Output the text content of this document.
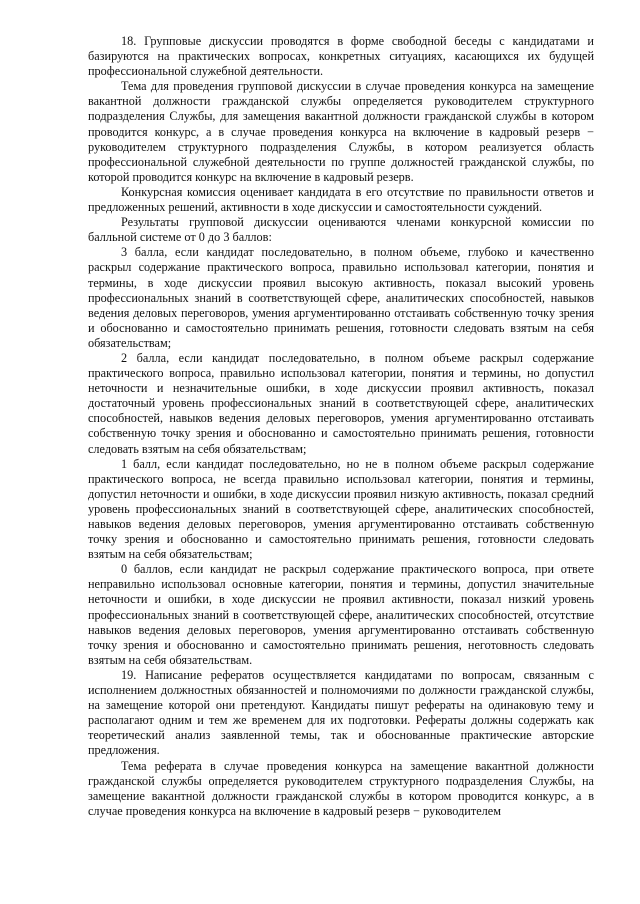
18. Групповые дискуссии проводятся в форме свободной беседы с кандидатами и базируются на практических вопросах, конкретных ситуациях, касающихся их будущей профессиональной служебной деятельности.

Тема для проведения групповой дискуссии в случае проведения конкурса на замещение вакантной должности гражданской службы определяется руководителем структурного подразделения Службы, для замещения вакантной должности гражданской службы в котором проводится конкурс, а в случае проведения конкурса на включение в кадровый резерв − руководителем структурного подразделения Службы, в котором реализуется область профессиональной служебной деятельности по группе должностей гражданской службы, по которой проводится конкурс на включение в кадровый резерв.

Конкурсная комиссия оценивает кандидата в его отсутствие по правильности ответов и предложенных решений, активности в ходе дискуссии и самостоятельности суждений.

Результаты групповой дискуссии оцениваются членами конкурсной комиссии по балльной системе от 0 до 3 баллов:

3 балла, если кандидат последовательно, в полном объеме, глубоко и качественно раскрыл содержание практического вопроса, правильно использовал категории, понятия и термины, в ходе дискуссии проявил высокую активность, показал высокий уровень профессиональных знаний в соответствующей сфере, аналитических способностей, навыков ведения деловых переговоров, умения аргументированно отстаивать собственную точку зрения и обоснованно и самостоятельно принимать решения, готовности следовать взятым на себя обязательствам;

2 балла, если кандидат последовательно, в полном объеме раскрыл содержание практического вопроса, правильно использовал категории, понятия и термины, но допустил неточности и незначительные ошибки, в ходе дискуссии проявил активность, показал достаточный уровень профессиональных знаний в соответствующей сфере, аналитических способностей, навыков ведения деловых переговоров, умения аргументированно отстаивать собственную точку зрения и обоснованно и самостоятельно принимать решения, готовности следовать взятым на себя обязательствам;

1 балл, если кандидат последовательно, но не в полном объеме раскрыл содержание практического вопроса, не всегда правильно использовал категории, понятия и термины, допустил неточности и ошибки, в ходе дискуссии проявил низкую активность, показал средний уровень профессиональных знаний в соответствующей сфере, аналитических способностей, навыков ведения деловых переговоров, умения аргументированно отстаивать собственную точку зрения и обоснованно и самостоятельно принимать решения, готовности следовать взятым на себя обязательствам;

0 баллов, если кандидат не раскрыл содержание практического вопроса, при ответе неправильно использовал основные категории, понятия и термины, допустил значительные неточности и ошибки, в ходе дискуссии не проявил активности, показал низкий уровень профессиональных знаний в соответствующей сфере, аналитических способностей, отсутствие навыков ведения деловых переговоров, умения аргументированно отстаивать собственную точку зрения и обоснованно и самостоятельно принимать решения, неготовность следовать взятым на себя обязательствам.

19. Написание рефератов осуществляется кандидатами по вопросам, связанным с исполнением должностных обязанностей и полномочиями по должности гражданской службы, на замещение которой они претендуют. Кандидаты пишут рефераты на одинаковую тему и располагают одним и тем же временем для их подготовки. Рефераты должны содержать как теоретический анализ заявленной темы, так и обоснованные практические авторские предложения.

Тема реферата в случае проведения конкурса на замещение вакантной должности гражданской службы определяется руководителем структурного подразделения Службы, на замещение вакантной должности гражданской службы в котором проводится конкурс, а в случае проведения конкурса на включение в кадровый резерв − руководителем
